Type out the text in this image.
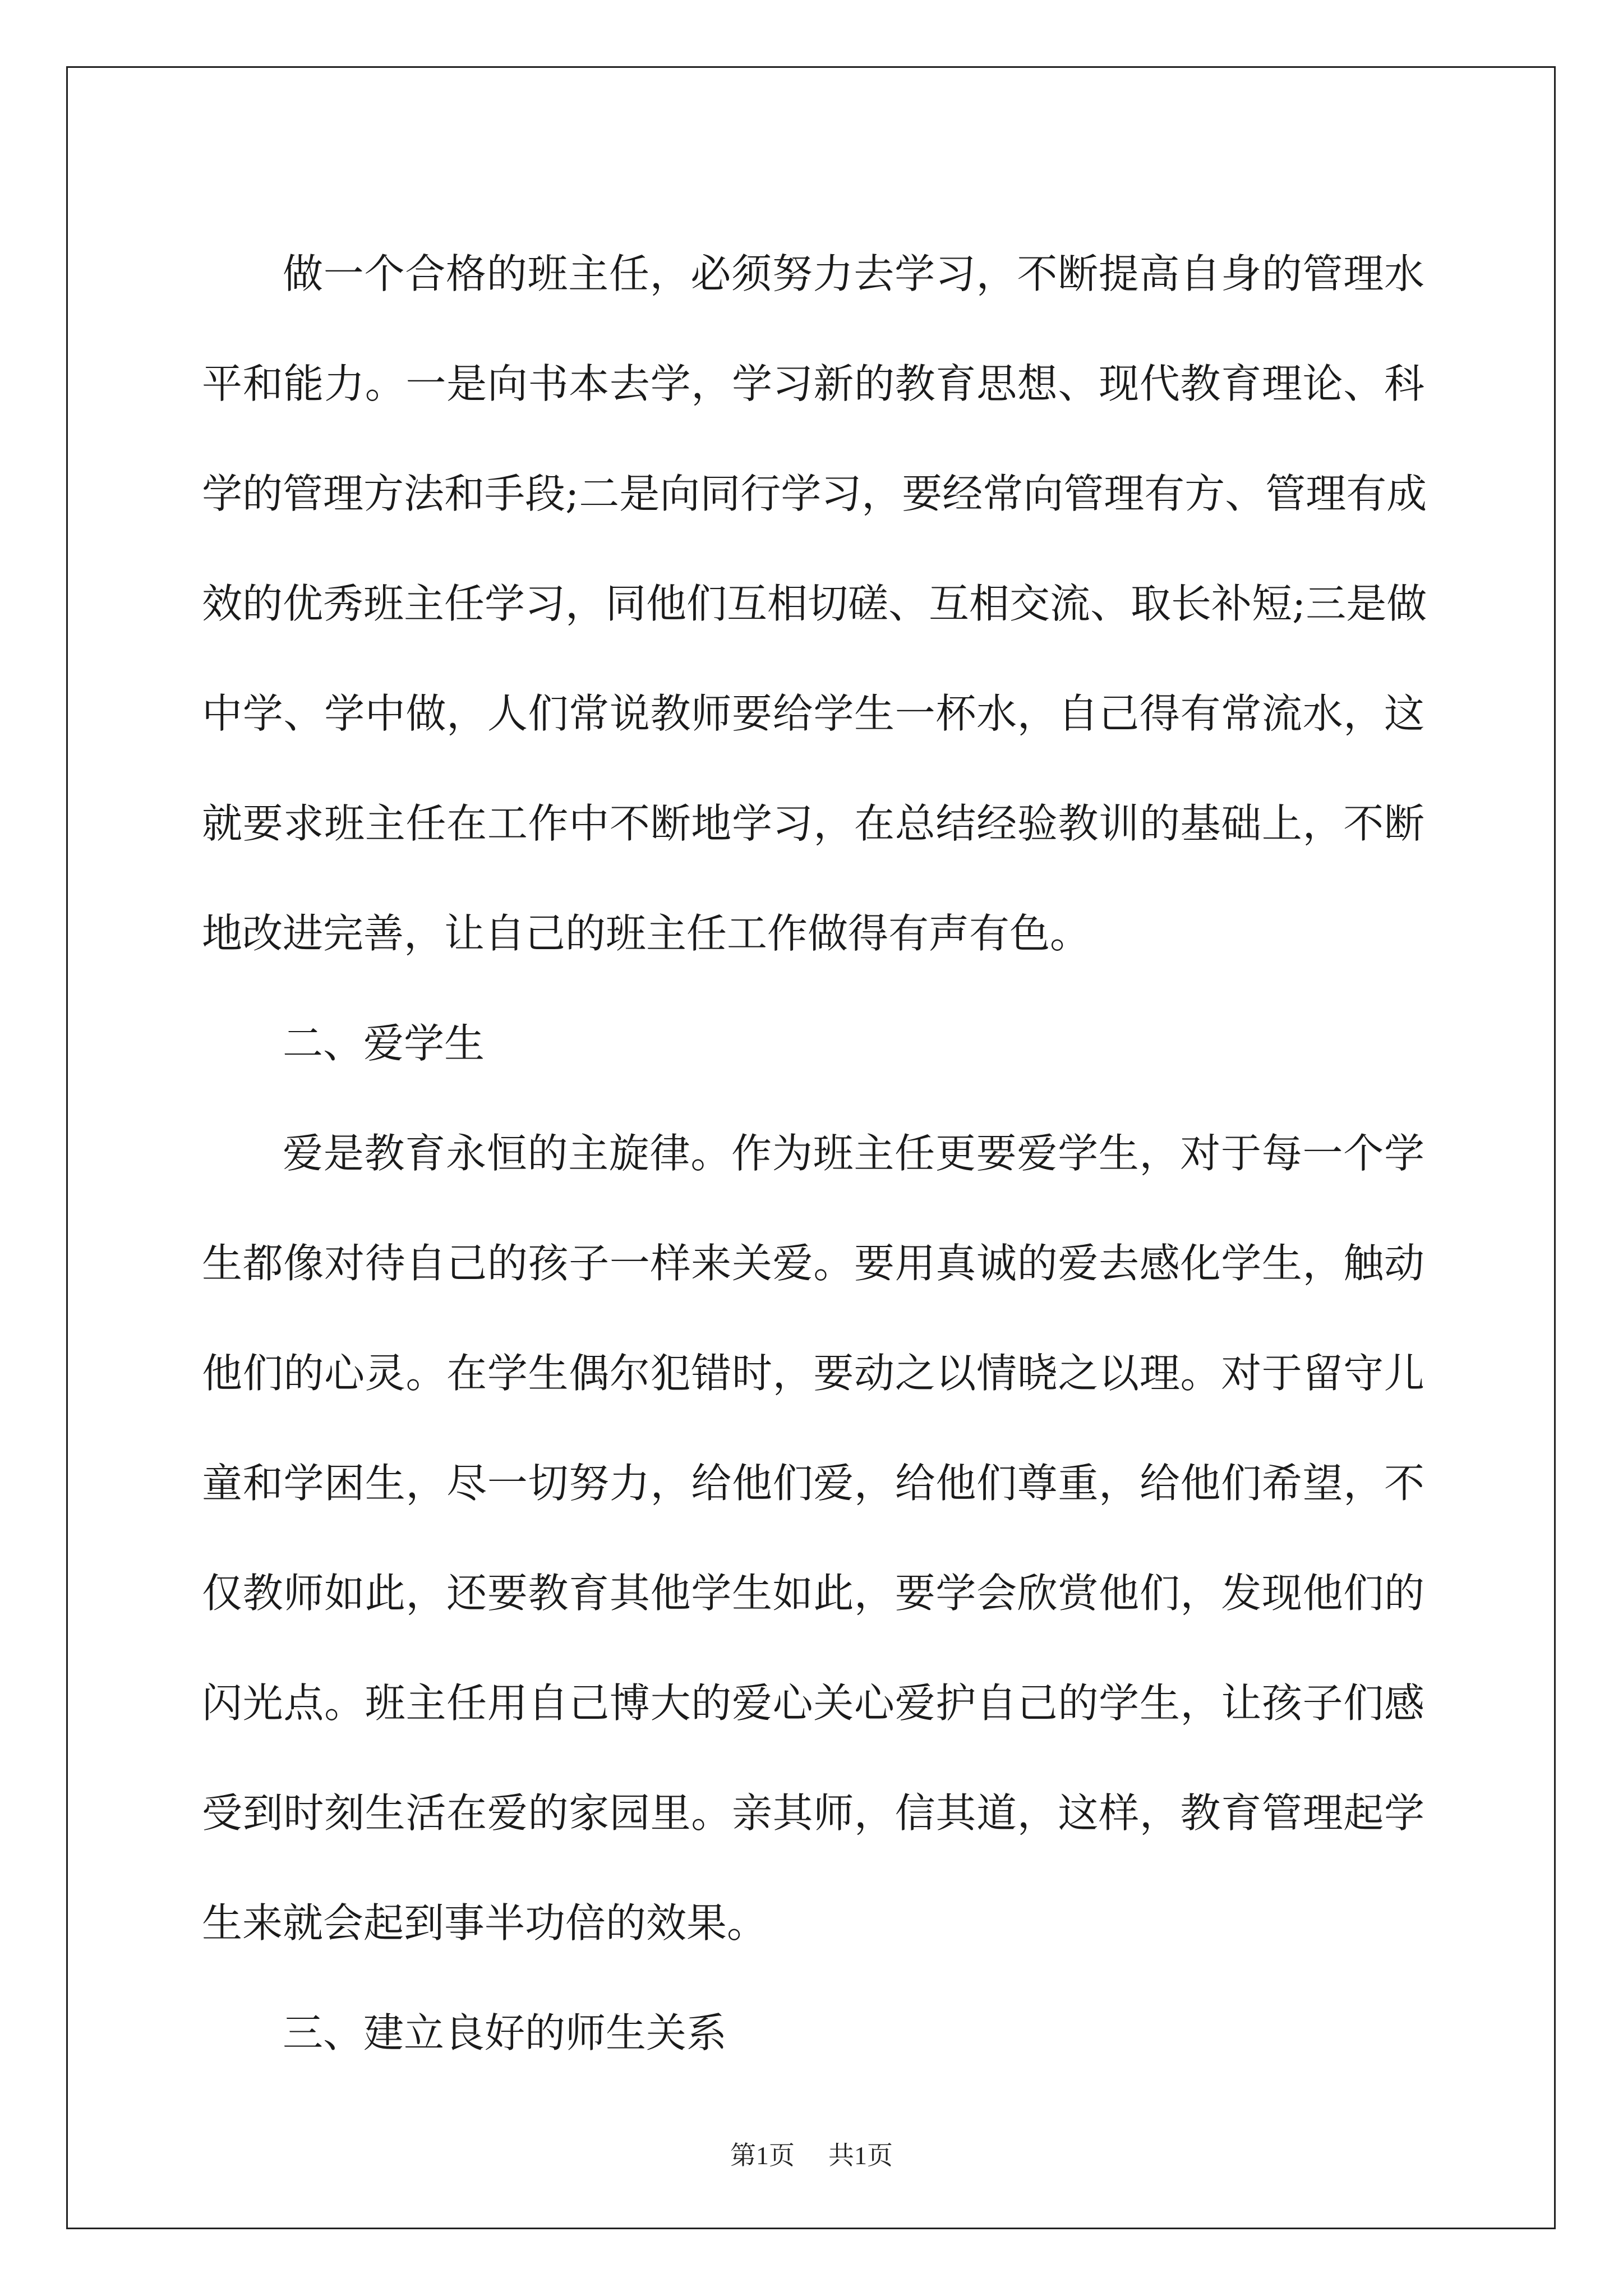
做一个合格的班主任，必须努力去学习，不断提高自身的管理水
平和能力。一是向书本去学，学习新的教育思想、现代教育理论、科
学的管理方法和手段;二是向同行学习，要经常向管理有方、管理有成
效的优秀班主任学习，同他们互相切磋、互相交流、取长补短;三是做
中学、学中做，人们常说教师要给学生一杯水，自己得有常流水，这
就要求班主任在工作中不断地学习，在总结经验教训的基础上，不断
地改进完善，让自己的班主任工作做得有声有色。
二、爱学生
爱是教育永恒的主旋律。作为班主任更要爱学生，对于每一个学
生都像对待自己的孩子一样来关爱。要用真诚的爱去感化学生，触动
他们的心灵。在学生偶尔犯错时，要动之以情晓之以理。对于留守儿
童和学困生，尽一切努力，给他们爱，给他们尊重，给他们希望，不
仅教师如此，还要教育其他学生如此，要学会欣赏他们，发现他们的
闪光点。班主任用自己博大的爱心关心爱护自己的学生，让孩子们感
受到时刻生活在爱的家园里。亲其师，信其道，这样，教育管理起学
生来就会起到事半功倍的效果。
三、建立良好的师生关系
第1页 共1页
